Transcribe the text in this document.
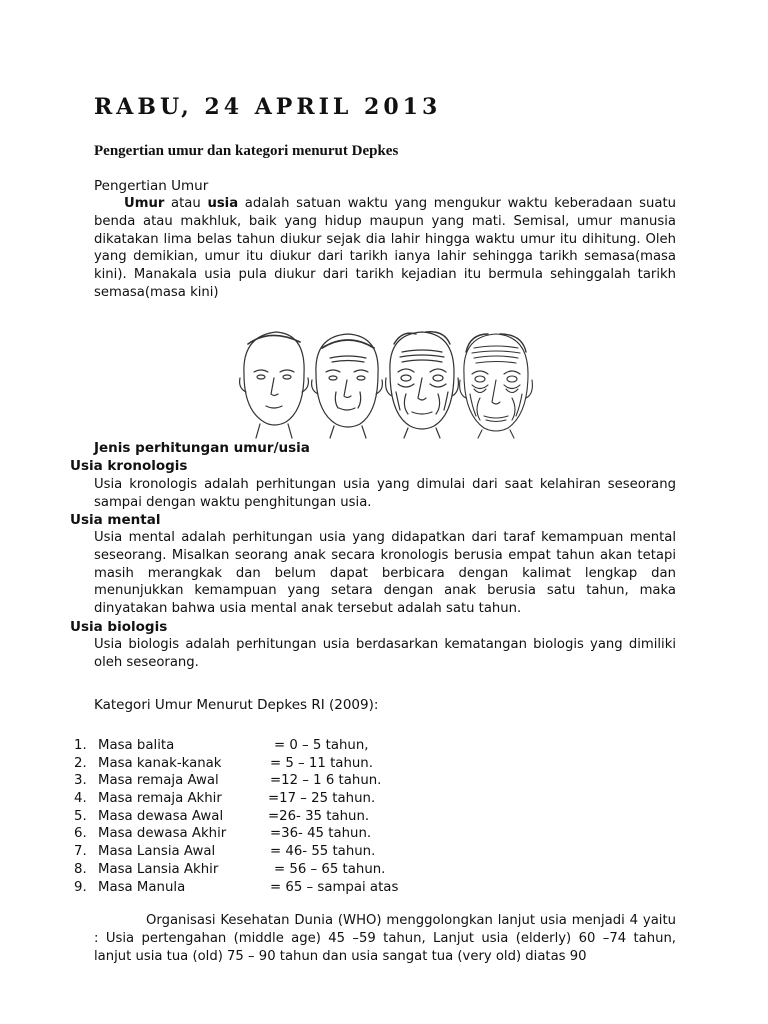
RABU, 24 APRIL 2013
Pengertian umur dan kategori menurut Depkes
Pengertian Umur
Umur atau usia adalah satuan waktu yang mengukur waktu keberadaan suatu benda atau makhluk, baik yang hidup maupun yang mati. Semisal, umur manusia dikatakan lima belas tahun diukur sejak dia lahir hingga waktu umur itu dihitung. Oleh yang demikian, umur itu diukur dari tarikh ianya lahir sehingga tarikh semasa(masa kini). Manakala usia pula diukur dari tarikh kejadian itu bermula sehinggalah tarikh semasa(masa kini)
Jenis perhitungan umur/usia
Usia kronologis
Usia kronologis adalah perhitungan usia yang dimulai dari saat kelahiran seseorang sampai dengan waktu penghitungan usia.
Usia mental
Usia mental adalah perhitungan usia yang didapatkan dari taraf kemampuan mental seseorang. Misalkan seorang anak secara kronologis berusia empat tahun akan tetapi masih merangkak dan belum dapat berbicara dengan kalimat lengkap dan menunjukkan kemampuan yang setara dengan anak berusia satu tahun, maka dinyatakan bahwa usia mental anak tersebut adalah satu tahun.
Usia biologis
Usia biologis adalah perhitungan usia berdasarkan kematangan biologis yang dimiliki oleh seseorang.
Kategori Umur Menurut Depkes RI (2009):
1. Masa balita	= 0 – 5 tahun,
2. Masa kanak-kanak	= 5 – 11 tahun.
3. Masa remaja Awal	=12 – 1 6 tahun.
4. Masa remaja Akhir	=17 – 25 tahun.
5. Masa dewasa Awal	=26- 35 tahun.
6. Masa dewasa Akhir	=36- 45 tahun.
7. Masa Lansia Awal	= 46- 55 tahun.
8. Masa Lansia Akhir	= 56 – 65 tahun.
9. Masa Manula	= 65 – sampai atas
Organisasi Kesehatan Dunia (WHO) menggolongkan lanjut usia menjadi 4 yaitu : Usia pertengahan (middle age) 45 –59 tahun, Lanjut usia (elderly) 60 –74 tahun, lanjut usia tua (old) 75 – 90 tahun dan usia sangat tua (very old) diatas 90
